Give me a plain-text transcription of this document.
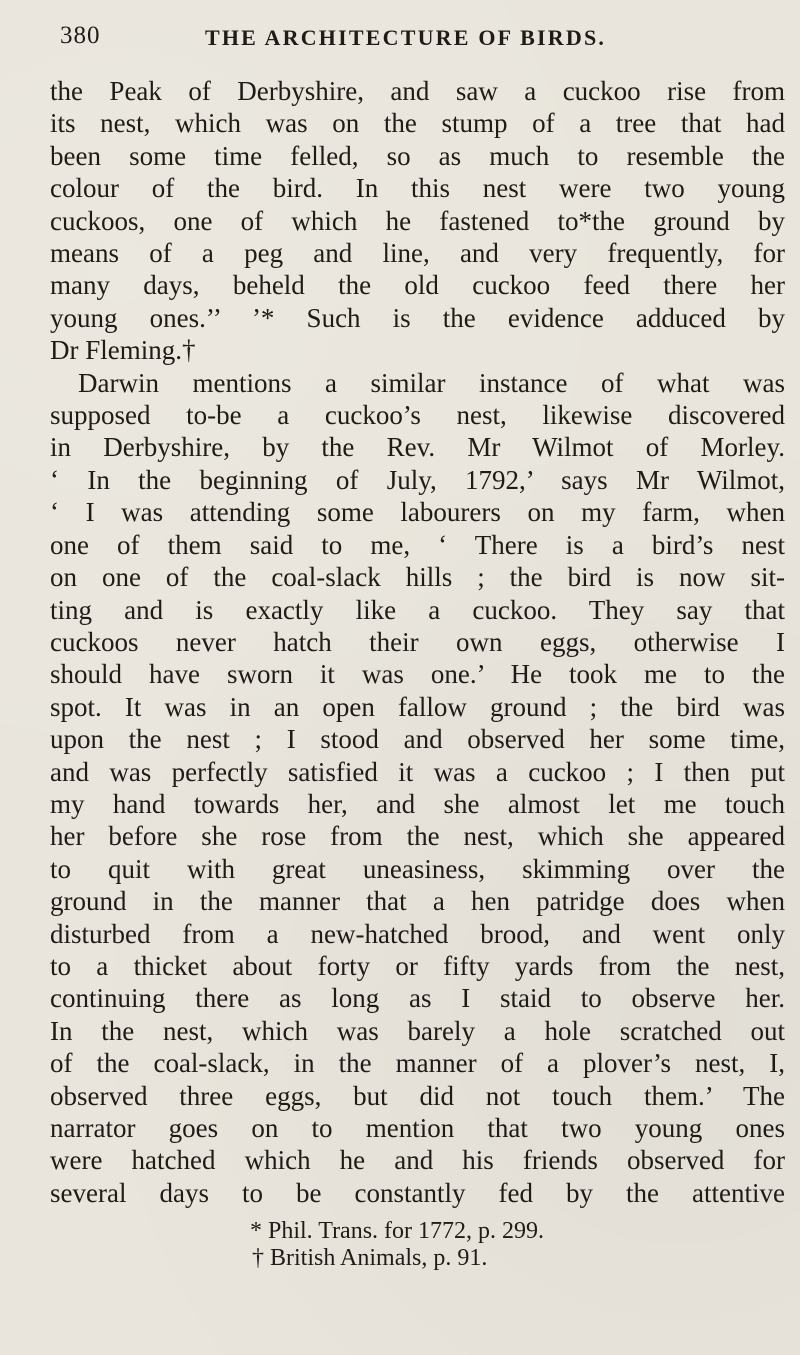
380	THE ARCHITECTURE OF BIRDS.
the Peak of Derbyshire, and saw a cuckoo rise from
its nest, which was on the stump of a tree that had
been some time felled, so as much to resemble the
colour of the bird. In this nest were two young
cuckoos, one of which he fastened to*the ground by
means of a peg and line, and very frequently, for
many days, beheld the old cuckoo feed there her
young ones.’’ ’* Such is the evidence adduced by
Dr Fleming.†
Darwin mentions a similar instance of what was
supposed to-be a cuckoo’s nest, likewise discovered
in Derbyshire, by the Rev. Mr Wilmot of Morley.
‘ In the beginning of July, 1792,’ says Mr Wilmot,
‘ I was attending some labourers on my farm, when
one of them said to me, ‘ There is a bird’s nest
on one of the coal-slack hills ; the bird is now sit-
ting and is exactly like a cuckoo. They say that
cuckoos never hatch their own eggs, otherwise I
should have sworn it was one.’ He took me to the
spot. It was in an open fallow ground ; the bird was
upon the nest ; I stood and observed her some time,
and was perfectly satisfied it was a cuckoo ; I then put
my hand towards her, and she almost let me touch
her before she rose from the nest, which she appeared
to quit with great uneasiness, skimming over the
ground in the manner that a hen patridge does when
disturbed from a new-hatched brood, and went only
to a thicket about forty or fifty yards from the nest,
continuing there as long as I staid to observe her.
In the nest, which was barely a hole scratched out
of the coal-slack, in the manner of a plover’s nest, I,
observed three eggs, but did not touch them.’ The
narrator goes on to mention that two young ones
were hatched which he and his friends observed for
several days to be constantly fed by the attentive
* Phil. Trans. for 1772, p. 299.
† British Animals, p. 91.
